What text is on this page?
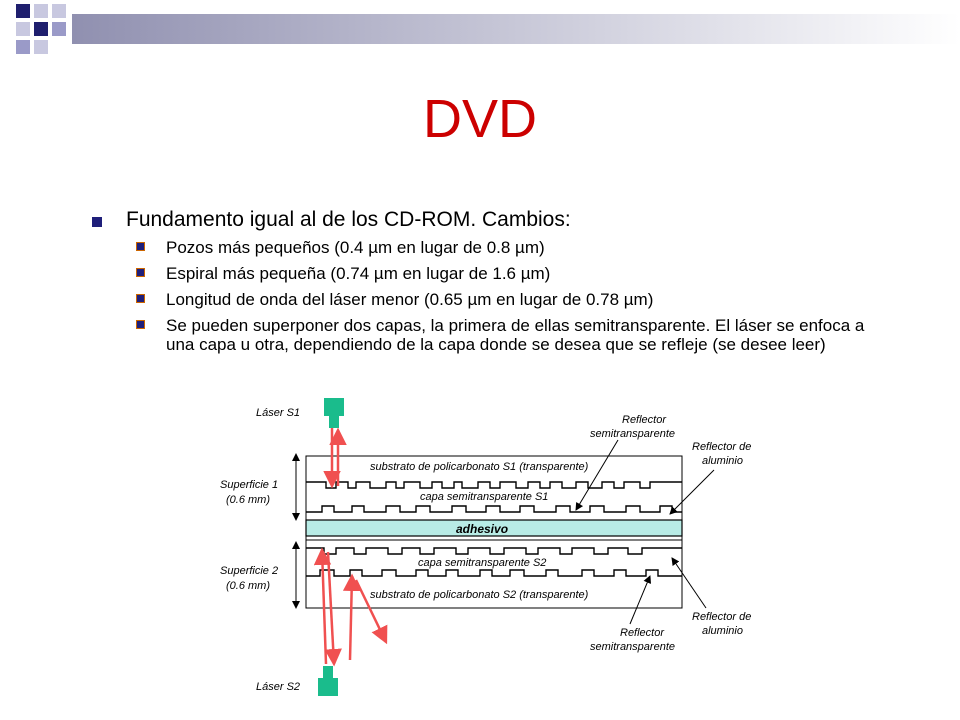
DVD
Fundamento igual al de los CD-ROM. Cambios:
Pozos más pequeños (0.4 µm en lugar de 0.8 µm)
Espiral más pequeña (0.74 µm en lugar de 1.6 µm)
Longitud de onda del láser menor (0.65 µm en lugar de 0.78 µm)
Se pueden superponer dos capas, la primera de ellas semitransparente. El láser se enfoca a una capa u otra, dependiendo de la capa donde se desea que se refleje (se desee leer)
Láser S1
Láser S2
Superficie 1
(0.6 mm)
Superficie 2
(0.6 mm)
substrato de policarbonato S1 (transparente)
capa semitransparente S1
adhesivo
capa semitransparente S2
substrato de policarbonato S2 (transparente)
Reflector
semitransparente
Reflector de
aluminio
Reflector de
aluminio
Reflector
semitransparente
